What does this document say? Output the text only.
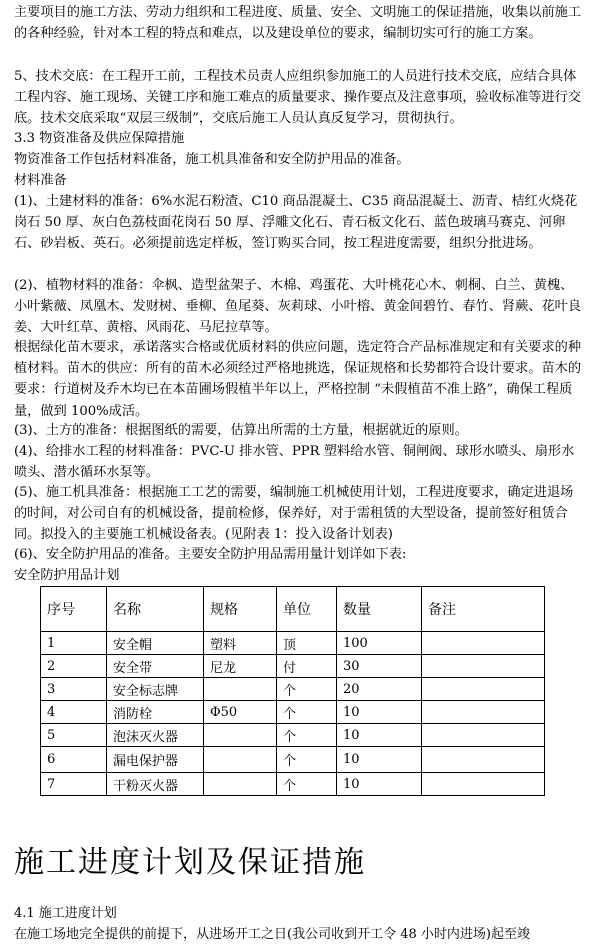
主要项目的施工方法、劳动力组织和工程进度、质量、安全、文明施工的保证措施，收集以前施工的各种经验，针对本工程的特点和难点，以及建设单位的要求，编制切实可行的施工方案。

5、技术交底：在工程开工前，工程技术员责人应组织参加施工的人员进行技术交底，应结合具体工程内容、施工现场、关键工序和施工难点的质量要求、操作要点及注意事项，验收标准等进行交底。技术交底采取“双层三级制”，交底后施工人员认真反复学习，贯彻执行。

3.3 物资准备及供应保障措施

物资准备工作包括材料准备，施工机具准备和安全防护用品的准备。

材料准备

(1)、土建材料的准备：6%水泥石粉渣、C10 商品混凝土、C35 商品混凝土、沥青、桔红火烧花岗石 50 厚、灰白色荔枝面花岗石 50 厚、浮雕文化石、青石板文化石、蓝色玻璃马赛克、河卵石、砂岩板、英石。必须提前选定样板，签订购买合同，按工程进度需要，组织分批进场。

(2)、植物材料的准备：伞枫、造型盆架子、木棉、鸡蛋花、大叶桃花心木、刺桐、白兰、黄槐、小叶紫薇、凤凰木、发财树、垂柳、鱼尾葵、灰莉球、小叶榕、黄金间碧竹、春竹、肾蕨、花叶良姜、大叶红草、黄榕、风雨花、马尼拉草等。

根据绿化苗木要求，承诺落实合格或优质材料的供应问题，选定符合产品标准规定和有关要求的种植材料。苗木的供应：所有的苗木必须经过严格地挑选，保证规格和长势都符合设计要求。苗木的要求：行道树及乔木均已在本苗圃场假植半年以上，严格控制 “未假植苗不准上路”，确保工程质量，做到 100%成活。

(3)、土方的准备：根据图纸的需要，估算出所需的土方量，根据就近的原则。

(4)、给排水工程的材料准备：PVC-U 排水管、PPR 塑料给水管、铜闸阀、球形水喷头、扇形水喷头、潜水循环水泵等。

(5)、施工机具准备：根据施工工艺的需要，编制施工机械使用计划，工程进度要求，确定进退场的时间，对公司自有的机械设备，提前检修，保养好，对于需租赁的大型设备，提前签好租赁合同。拟投入的主要施工机械设备表。(见附表 1：投入设备计划表)

(6)、安全防护用品的准备。主要安全防护用品需用量计划详如下表:

安全防护用品计划

序号	名称	规格	单位	数量	备注
1	安全帽	塑料	顶	100	
2	安全带	尼龙	付	30	
3	安全标志牌		个	20	
4	消防栓	Φ50	个	10	
5	泡沫灭火器		个	10	
6	漏电保护器		个	10	
7	干粉灭火器		个	10	
施工进度计划及保证措施

4.1 施工进度计划

在施工场地完全提供的前提下，从进场开工之日(我公司收到开工令 48 小时内进场)起至竣
